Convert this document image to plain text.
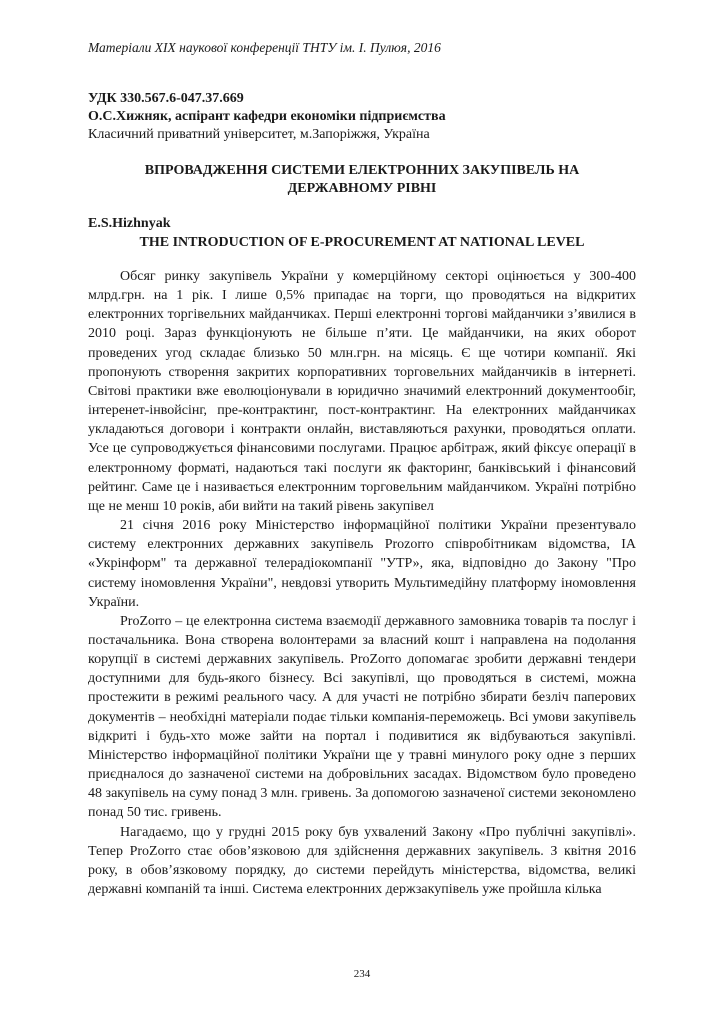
Матеріали ХІХ наукової конференції ТНТУ ім. І. Пулюя, 2016
УДК 330.567.6-047.37.669
О.С.Хижняк, аспірант кафедри економіки підприємства
Класичний приватний університет, м.Запоріжжя, Україна
ВПРОВАДЖЕННЯ СИСТЕМИ ЕЛЕКТРОННИХ ЗАКУПІВЕЛЬ НА
ДЕРЖАВНОМУ РІВНІ
E.S.Hizhnyak
THE INTRODUCTION OF E-PROCUREMENT AT NATIONAL LEVEL

Обсяг ринку закупівель України у комерційному секторі оцінюється у 300-400 млрд.грн. на 1 рік. І лише 0,5% припадає на торги, що проводяться на відкритих електронних торгівельних майданчиках. Перші електронні торгові майданчики з’явилися в 2010 році. Зараз функціонують не більше п’яти. Це майданчики, на яких оборот проведених угод складає близько 50 млн.грн. на місяць. Є ще чотири компанії. Які пропонують створення закритих корпоративних торговельних майданчиків в інтернеті. Світові практики вже еволюціонували в юридично значимий електронний документообіг, інтеренет-інвойсінг, пре-контрактинг, пост-контрактинг. На електронних майданчиках укладаються договори і контракти онлайн, виставляються рахунки, проводяться оплати. Усе це супроводжується фінансовими послугами. Працює арбітраж, який фіксує операції в електронному форматі, надаються такі послуги як факторинг, банківський і фінансовий рейтинг. Саме це і називається електронним торговельним майданчиком. Україні потрібно ще не менш 10 років, аби вийти на такий рівень закупівел

21 січня 2016 року Міністерство інформаційної політики України презентувало систему електронних державних закупівель Prozorro співробітникам відомства, ІА «Укрінформ" та державної телерадіокомпанії "УТР», яка, відповідно до Закону "Про систему іномовлення України", невдовзі утворить Мультимедійну платформу іномовлення України.

ProZorro – це електронна система взаємодії державного замовника товарів та послуг і постачальника. Вона створена волонтерами за власний кошт і направлена на подолання корупції в системі державних закупівель. ProZorro допомагає зробити державні тендери доступними для будь-якого бізнесу. Всі закупівлі, що проводяться в системі, можна простежити в режимі реального часу. А для участі не потрібно збирати безліч паперових документів – необхідні матеріали подає тільки компанія-переможець. Всі умови закупівель відкриті і будь-хто може зайти на портал і подивитися як відбуваються закупівлі. Міністерство інформаційної політики України ще у травні минулого року одне з перших приєдналося до зазначеної системи на добровільних засадах. Відомством було проведено 48 закупівель на суму понад 3 млн. гривень. За допомогою зазначеної системи зекономлено понад 50 тис. гривень.

Нагадаємо, що у грудні 2015 року був ухвалений Закону «Про публічні закупівлі». Тепер ProZorro стає обов’язковою для здійснення державних закупівель. З квітня 2016 року, в обов’язковому порядку, до системи перейдуть міністерства, відомства, великі державні компаній та інші. Система електронних держзакупівель уже пройшла кілька

234
